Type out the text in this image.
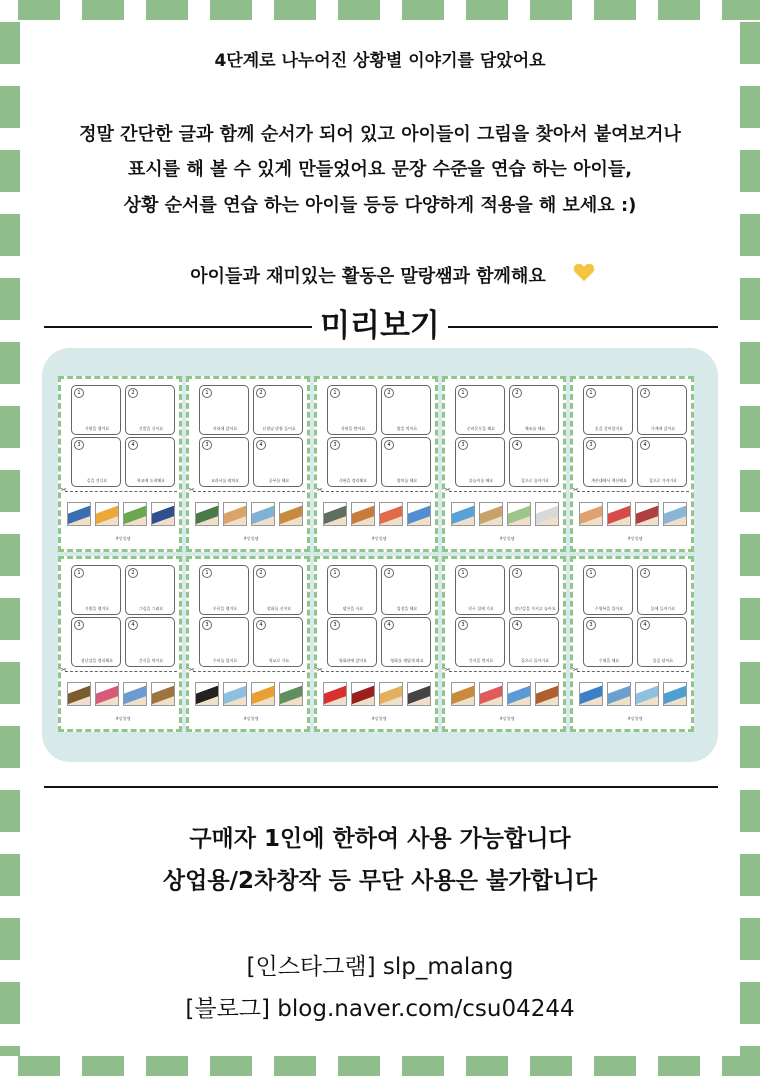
4단계로 나누어진 상황별 이야기를 담았어요
정말 간단한 글과 함께 순서가 되어 있고 아이들이 그림을 찾아서 붙여보거나
표시를 해 볼 수 있게 만들었어요 문장 수준을 연습 하는 아이들,
상황 순서를 연습 하는 아이들 등등 다양하게 적용을 해 보세요 :)
아이들과 재미있는 활동은 말랑쌤과 함께해요
미리보기
1
가방을 챙겨요
2
신발을 신어요
3
길을 건너요
4
학교에 도착해요
✂
#말랑쌤
1
자리에 앉아요
2
선생님 말씀 들어요
3
교과서를 펼쳐요
4
공부를 해요
✂
#말랑쌤
1
식판을 받아요
2
밥을 먹어요
3
식판을 정리해요
4
양치를 해요
✂
#말랑쌤
1
준비운동을 해요
2
체조를 해요
3
물놀이를 해요
4
집으로 돌아가요
✂
#말랑쌤
1
옷을 갈아입어요
2
가게에 갔어요
3
계산대에서 계산해요
4
집으로 가져가요
✂
#말랑쌤
1
가방을 챙겨요
2
그림을 그려요
3
장난감을 정리해요
4
간식을 먹어요
✂
#말랑쌤
1
우산을 챙겨요
2
장화를 신어요
3
우비를 입어요
4
학교로 가요
✂
#말랑쌤
1
팝콘을 사요
2
입장을 해요
3
영화관에 앉아요
4
영화를 재밌게 봐요
✂
#말랑쌤
1
친구 집에 가요
2
장난감을 가지고 놀아요
3
간식을 먹어요
4
집으로 돌아가요
✂
#말랑쌤
1
수영복을 입어요
2
물에 들어가요
3
수영을 해요
4
물을 닦아요
✂
#말랑쌤
구매자 1인에 한하여 사용 가능합니다
상업용/2차창작 등 무단 사용은 불가합니다
[인스타그램] slp_malang
[블로그] blog.naver.com/csu04244
